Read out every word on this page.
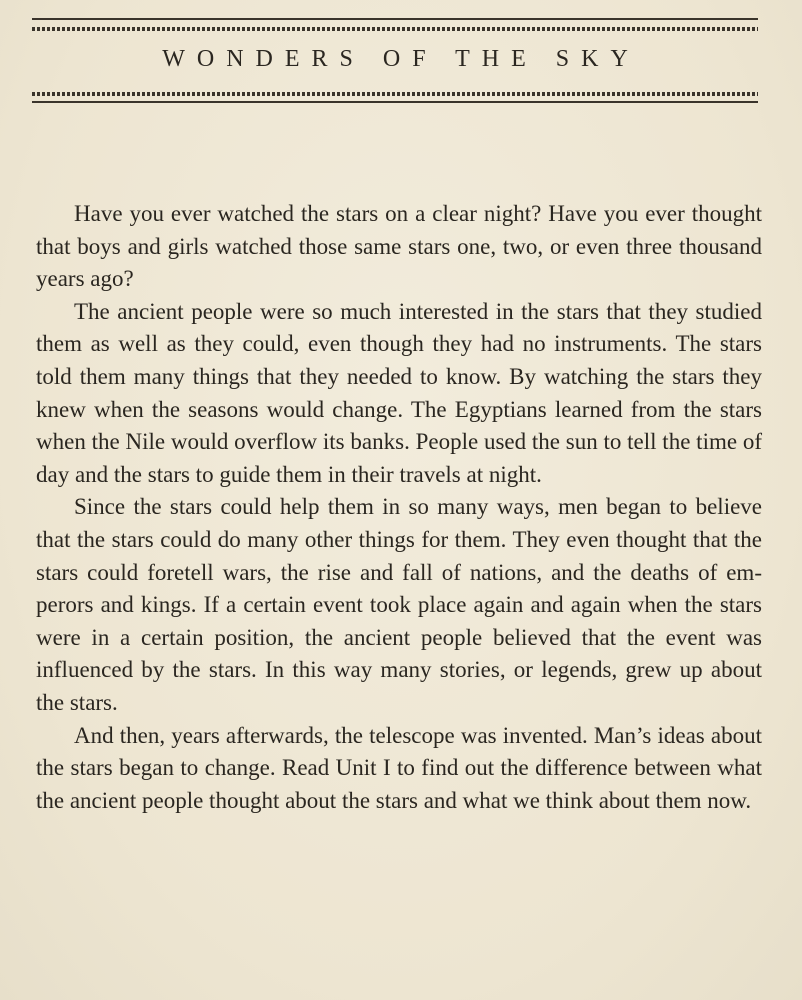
WONDERS OF THE SKY

Have you ever watched the stars on a clear night? Have you ever thought that boys and girls watched those same stars one, two, or even three thousand years ago?

The ancient people were so much interested in the stars that they studied them as well as they could, even though they had no instruments. The stars told them many things that they needed to know. By watching the stars they knew when the seasons would change. The Egyptians learned from the stars when the Nile would overflow its banks. People used the sun to tell the time of day and the stars to guide them in their travels at night.

Since the stars could help them in so many ways, men began to believe that the stars could do many other things for them. They even thought that the stars could foretell wars, the rise and fall of nations, and the deaths of emperors and kings. If a certain event took place again and again when the stars were in a certain position, the ancient people believed that the event was influenced by the stars. In this way many stories, or legends, grew up about the stars.

And then, years afterwards, the telescope was invented. Man’s ideas about the stars began to change. Read Unit I to find out the difference between what the ancient people thought about the stars and what we think about them now.
